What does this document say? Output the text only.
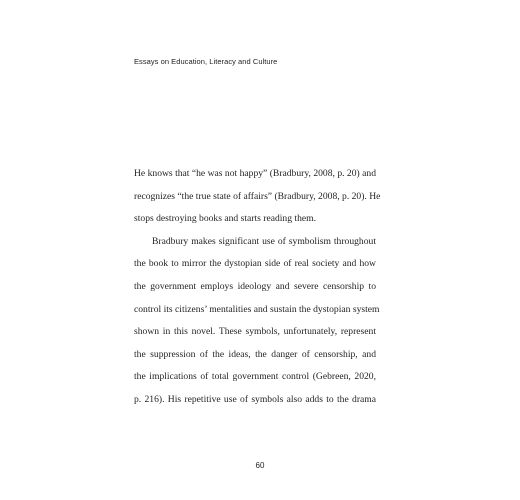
Essays on Education, Literacy and Culture
He knows that “he was not happy” (Bradbury, 2008, p. 20) and
recognizes “the true state of affairs” (Bradbury, 2008, p. 20). He
stops destroying books and starts reading them.
Bradbury makes significant use of symbolism throughout
the book to mirror the dystopian side of real society and how
the government employs ideology and severe censorship to
control its citizens’ mentalities and sustain the dystopian system
shown in this novel. These symbols, unfortunately, represent
the suppression of the ideas, the danger of censorship, and
the implications of total government control (Gebreen, 2020,
p. 216). His repetitive use of symbols also adds to the drama
60
